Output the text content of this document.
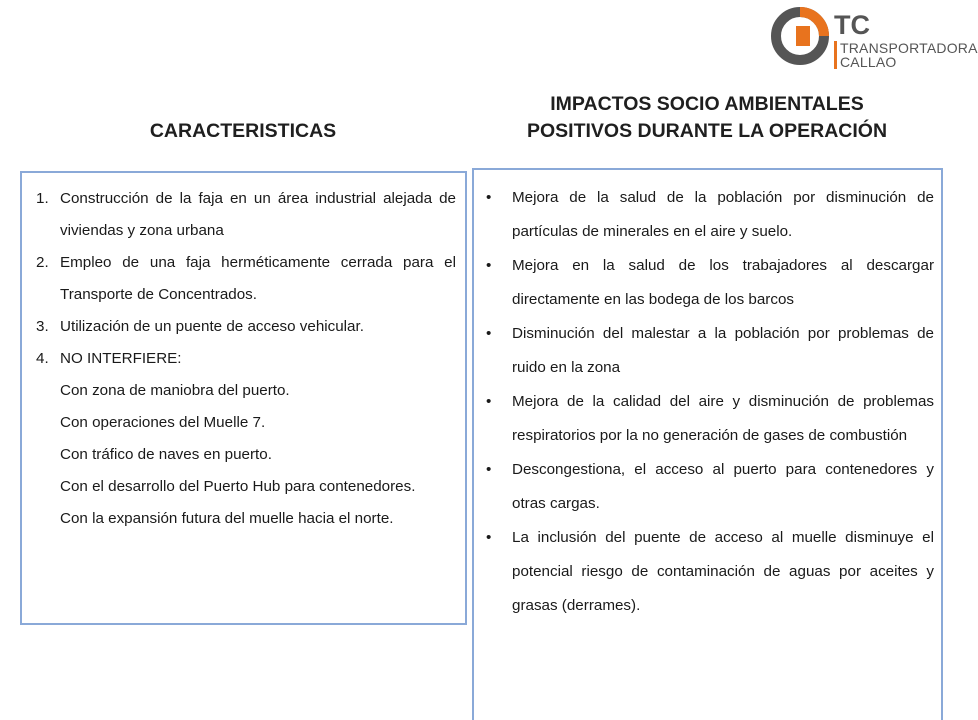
TC
TRANSPORTADORA
CALLAO
CARACTERISTICAS
IMPACTOS SOCIO AMBIENTALES
POSITIVOS DURANTE LA OPERACIÓN
1. Construcción de la faja en un área industrial alejada de viviendas y zona urbana
2. Empleo de una faja herméticamente cerrada para el Transporte de Concentrados.
3. Utilización de un puente de acceso vehicular.
4. NO INTERFIERE:
Con zona de maniobra del puerto.
Con operaciones del Muelle 7.
Con tráfico de naves en puerto.
Con el desarrollo del Puerto Hub para contenedores.
Con la expansión futura del muelle hacia el norte.
• Mejora de la salud de la población por disminución de partículas de minerales en el aire y suelo.
• Mejora en la salud de los trabajadores al descargar directamente en las bodega de los barcos
• Disminución del malestar a la población por problemas de ruido en la zona
• Mejora de la calidad del aire y disminución de problemas respiratorios por la no generación de gases de combustión
• Descongestiona, el acceso al puerto para contenedores y otras cargas.
• La inclusión del puente de acceso al muelle disminuye el potencial riesgo de contaminación de aguas por aceites y grasas (derrames).
